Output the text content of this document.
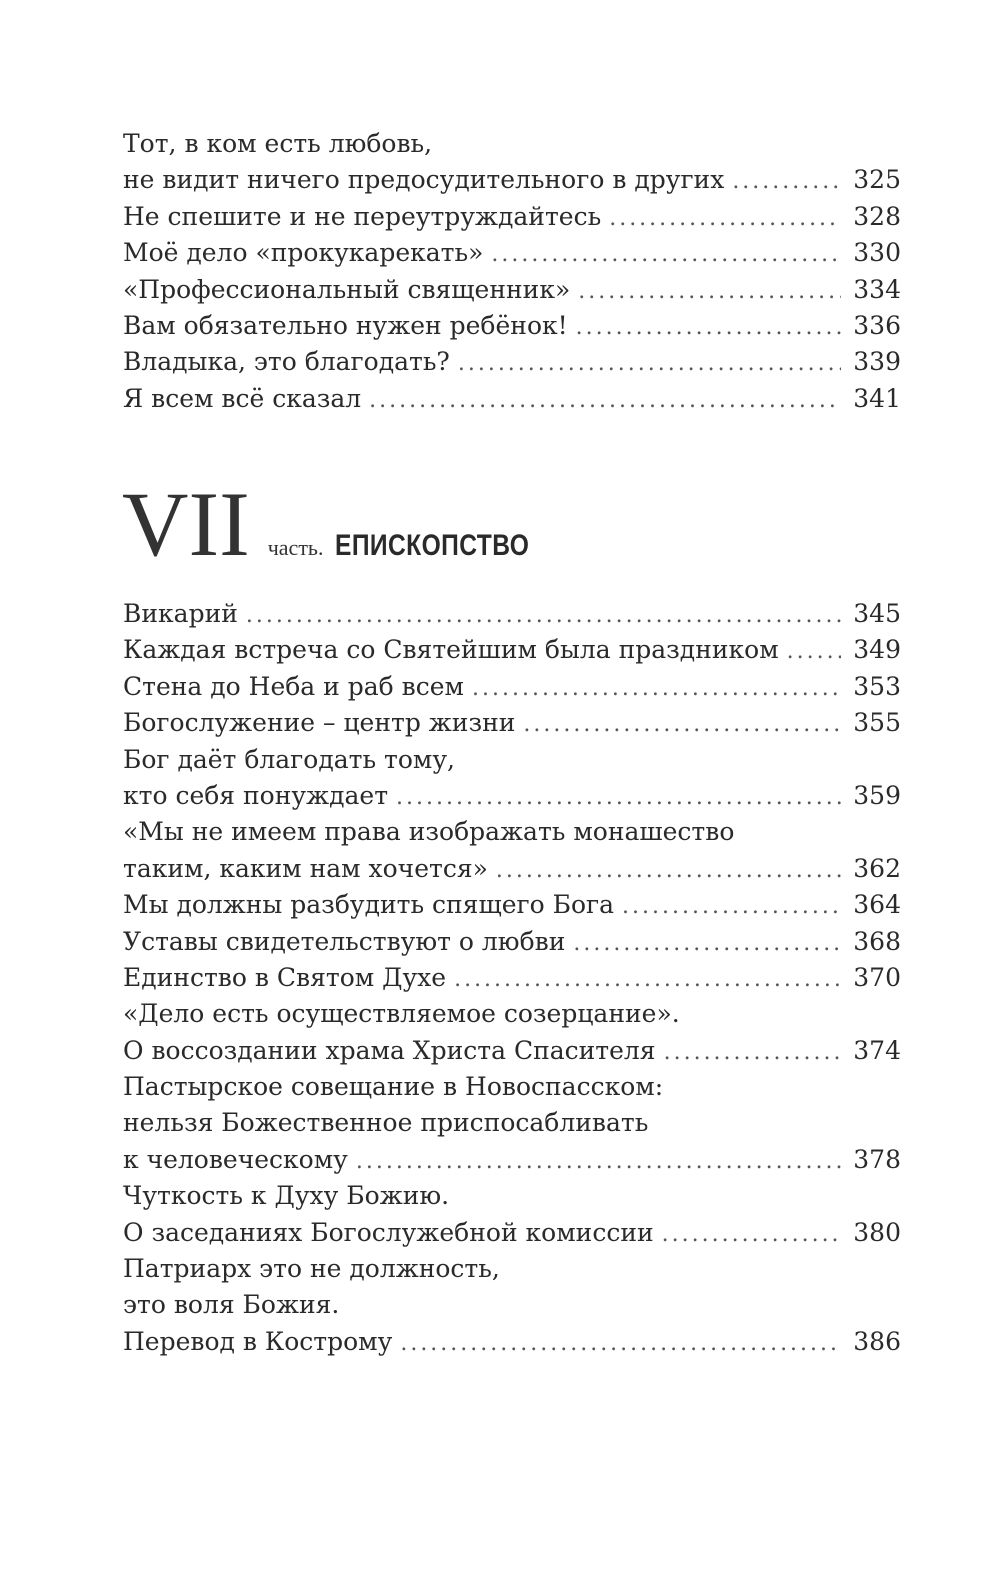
Тот, в ком есть любовь,
не видит ничего предосудительного в других .....	325
Не спешите и не переутруждайтесь .....	328
Моё дело «прокукарекать» .....	330
«Профессиональный священник» .....	334
Вам обязательно нужен ребёнок! .....	336
Владыка, это благодать? .....	339
Я всем всё сказал .....	341
VII часть. ЕПИСКОПСТВО
Викарий .....	345
Каждая встреча со Святейшим была праздником .....	349
Стена до Неба и раб всем .....	353
Богослужение – центр жизни .....	355
Бог даёт благодать тому,
кто себя понуждает .....	359
«Мы не имеем права изображать монашество
таким, каким нам хочется» .....	362
Мы должны разбудить спящего Бога .....	364
Уставы свидетельствуют о любви .....	368
Единство в Святом Духе .....	370
«Дело есть осуществляемое созерцание».
О воссоздании храма Христа Спасителя .....	374
Пастырское совещание в Новоспасском:
нельзя Божественное приспосабливать
к человеческому .....	378
Чуткость к Духу Божию.
О заседаниях Богослужебной комиссии .....	380
Патриарх это не должность,
это воля Божия.
Перевод в Кострому .....	386
